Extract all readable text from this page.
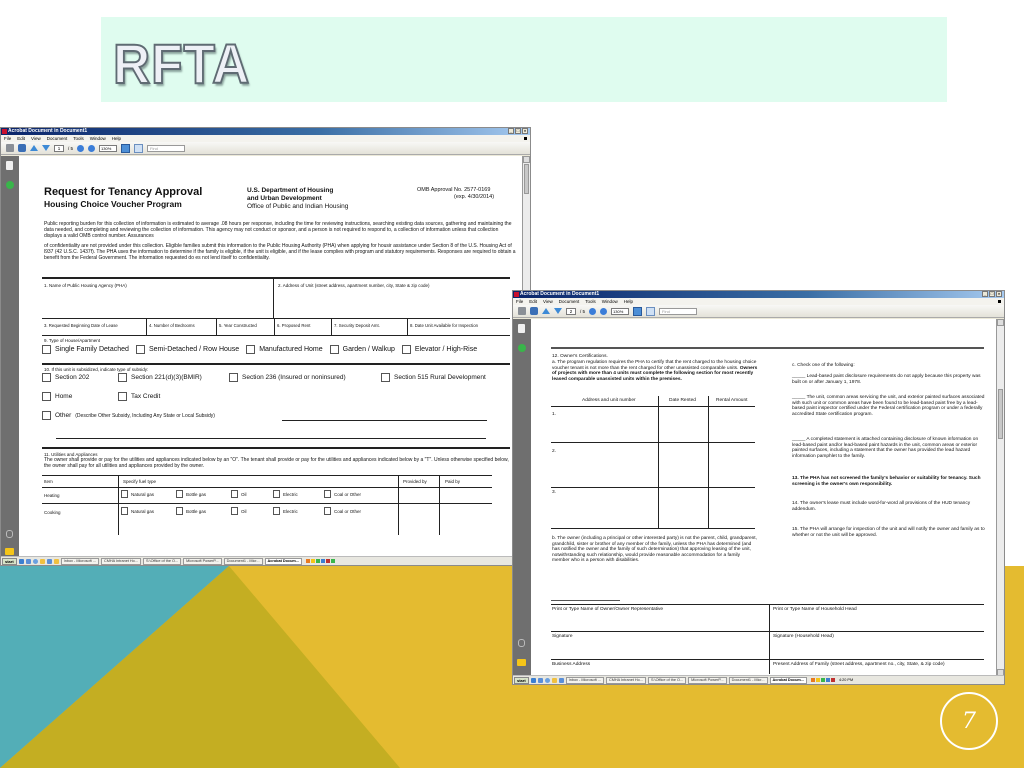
RFTA
Acrobat Document in Document1	_	□	×
File Edit View Document Tools Window Help
1	/ 5	130%	Find
Request for Tenancy Approval
Housing Choice Voucher Program
U.S. Department of Housing
and Urban Development
Office of Public and Indian Housing
OMB Approval No. 2577-0169
(exp. 4/30/2014)
Public reporting burden for this collection of information is estimated to average .08 hours per response, including the time for reviewing instructions, searching existing data sources, gathering and maintaining the data needed, and completing and reviewing the collection of information. This agency may not conduct or sponsor, and a person is not required to respond to, a collection of information unless that collection displays a valid OMB control number. Assurances
of confidentiality are not provided under this collection. Eligible families submit this information to the Public Housing Authority (PHA) when applying for housir assistance under Section 8 of the U.S. Housing Act of l937 (42 U.S.C. 1437f). The PHA uses the information to determine if the family is eligible, if the unit is eligible, and if the lease complies with program and statutory requirements. Responses are required to obtain a benefit from the Federal Government. The information requested do es not lend itself to confidentiality.
1. Name of Public Housing Agency (PHA)	2. Address of Unit (street address, apartment number, city, State & zip code)
3. Requested Beginning Date of Lease	4. Number of Bedrooms	5. Year Constructed	6. Proposed Rent	7. Security Deposit Amt.	8. Date Unit Available for Inspection
9. Type of House/Apartment
Single Family Detached	Semi-Detached / Row House	Manufactured Home	Garden / Walkup	Elevator / High-Rise
10. If this unit is subsidized, indicate type of subsidy:
Section 202	Section 221(d)(3)(BMIR)	Section 236 (Insured or noninsured)	Section 515 Rural Development
Home	Tax Credit
Other (Describe Other Subsidy, Including Any State or Local Subsidy)
11. Utilities and Appliances
The owner shall provide or pay for the utilities and appliances indicated below by an "O". The tenant shall provide or pay for the utilities and appliances indicated below by a "T". Unless otherwise specified below, the owner shall pay for all utilities and appliances provided by the owner.
Item	Specify fuel type	Provided by	Paid by
Heating	Natural gas	Bottle gas	Oil	Electric	Coal or Other
Cooking	Natural gas	Bottle gas	Oil	Electric	Coal or Other
start	Inbox - Microsoft ...	CMHA Intranet Ho...	S:\Office of the O...	Microsoft PowerP...	Document1 - Micr...	Acrobat Docum...
Acrobat Document in Document1	_	□	×
File Edit View Document Tools Window Help
2	/ 5	130%	Find
12. Owner's Certifications.
a. The program regulation requires the PHA to certify that the rent charged to the housing choice voucher tenant is not more than the rent charged for other unassisted comparable units. Owners of projects with more than 4 units must complete the following section for most recently leased comparable unassisted units within the premises.
Address and unit number	Date Rented	Rental Amount
1.
2.
3.
b. The owner (including a principal or other interested party) is not the parent, child, grandparent, grandchild, sister or brother of any member of the family, unless the PHA has determined (and has notified the owner and the family of such determination) that approving leasing of the unit, notwithstanding such relationship, would provide reasonable accommodation for a family member who is a person with disabilities.
c. Check one of the following:
_____ Lead-based paint disclosure requirements do not apply because this property was built on or after January 1, 1978.
_____ The unit, common areas servicing the unit, and exterior painted surfaces associated with such unit or common areas have been found to be lead-based paint free by a lead-based paint inspector certified under the Federal certification program or under a federally accredited State certification program.
_____ A completed statement is attached containing disclosure of known information on lead-based paint and/or lead-based paint hazards in the unit, common areas or exterior painted surfaces, including a statement that the owner has provided the lead hazard information pamphlet to the family.
13. The PHA has not screened the family's behavior or suitability for tenancy. Such screening is the owner's own responsibility.
14. The owner's lease must include word-for-word all provisions of the HUD tenancy addendum.
15. The PHA will arrange for inspection of the unit and will notify the owner and family as to whether or not the unit will be approved.
Print or Type Name of Owner/Owner Representative	Print or Type Name of Household Head
Signature	Signature (Household Head)
Business Address	Present Address of Family (street address, apartment no., city, State, & zip code)
start	Inbox - Microsoft ...	CMHA Intranet Ho...	S:\Office of the O...	Microsoft PowerP...	Document1 - Micr...	Acrobat Docum...	4:20 PM
7
